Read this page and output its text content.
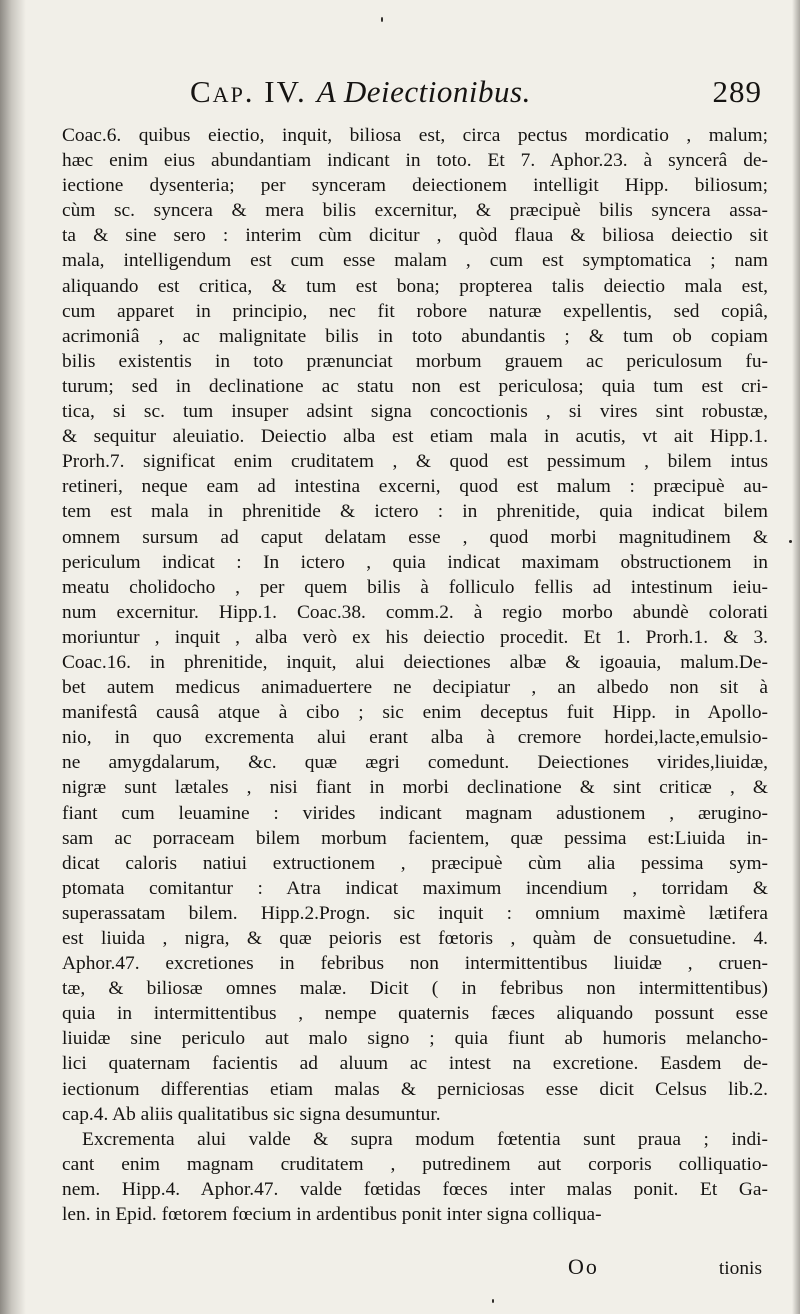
Cap. IV. A Deiectionibus.	289
Coac.6. quibus eiectio, inquit, biliosa est, circa pectus mordicatio , malum;
hæc enim eius abundantiam indicant in toto. Et 7. Aphor.23. à syncerâ de-
iectione dysenteria; per synceram deiectionem intelligit Hipp. biliosum;
cùm sc. syncera & mera bilis excernitur, & præcipuè bilis syncera assa-
ta & sine sero : interim cùm dicitur , quòd flaua & biliosa deiectio sit
mala, intelligendum est cum esse malam , cum est symptomatica ; nam
aliquando est critica, & tum est bona; propterea talis deiectio mala est,
cum apparet in principio, nec fit robore naturæ expellentis, sed copiâ,
acrimoniâ , ac malignitate bilis in toto abundantis ; & tum ob copiam
bilis existentis in toto prænunciat morbum grauem ac periculosum fu-
turum; sed in declinatione ac statu non est periculosa; quia tum est cri-
tica, si sc. tum insuper adsint signa concoctionis , si vires sint robustæ,
& sequitur aleuiatio. Deiectio alba est etiam mala in acutis, vt ait Hipp.1.
Prorh.7. significat enim cruditatem , & quod est pessimum , bilem intus
retineri, neque eam ad intestina excerni, quod est malum : præcipuè au-
tem est mala in phrenitide & ictero : in phrenitide, quia indicat bilem
omnem sursum ad caput delatam esse , quod morbi magnitudinem &
periculum indicat : In ictero , quia indicat maximam obstructionem in
meatu cholidocho , per quem bilis à folliculo fellis ad intestinum ieiu-
num excernitur. Hipp.1. Coac.38. comm.2. à regio morbo abundè colorati
moriuntur , inquit , alba verò ex his deiectio procedit. Et 1. Prorh.1. & 3.
Coac.16. in phrenitide, inquit, alui deiectiones albæ & igoauia, malum.De-
bet autem medicus animaduertere ne decipiatur , an albedo non sit à
manifestâ causâ atque à cibo ; sic enim deceptus fuit Hipp. in Apollo-
nio, in quo excrementa alui erant alba à cremore hordei,lacte,emulsio-
ne amygdalarum, &c. quæ ægri comedunt. Deiectiones virides,liuidæ,
nigræ sunt lætales , nisi fiant in morbi declinatione & sint criticæ , &
fiant cum leuamine : virides indicant magnam adustionem , ærugino-
sam ac porraceam bilem morbum facientem, quæ pessima est:Liuida in-
dicat caloris natiui extructionem , præcipuè cùm alia pessima sym-
ptomata comitantur : Atra indicat maximum incendium , torridam &
superassatam bilem. Hipp.2.Progn. sic inquit : omnium maximè lætifera
est liuida , nigra, & quæ peioris est fœtoris , quàm de consuetudine. 4.
Aphor.47. excretiones in febribus non intermittentibus liuidæ , cruen-
tæ, & biliosæ omnes malæ. Dicit ( in febribus non intermittentibus)
quia in intermittentibus , nempe quaternis fæces aliquando possunt esse
liuidæ sine periculo aut malo signo ; quia fiunt ab humoris melancho-
lici quaternam facientis ad aluum ac intest na excretione. Easdem de-
iectionum differentias etiam malas & perniciosas esse dicit Celsus lib.2.
cap.4. Ab aliis qualitatibus sic signa desumuntur.
Excrementa alui valde & supra modum fœtentia sunt praua ; indi-
cant enim magnam cruditatem , putredinem aut corporis colliquatio-
nem. Hipp.4. Aphor.47. valde fœtidas fœces inter malas ponit. Et Ga-
len. in Epid. fœtorem fœcium in ardentibus ponit inter signa colliqua-
Oo	tionis
